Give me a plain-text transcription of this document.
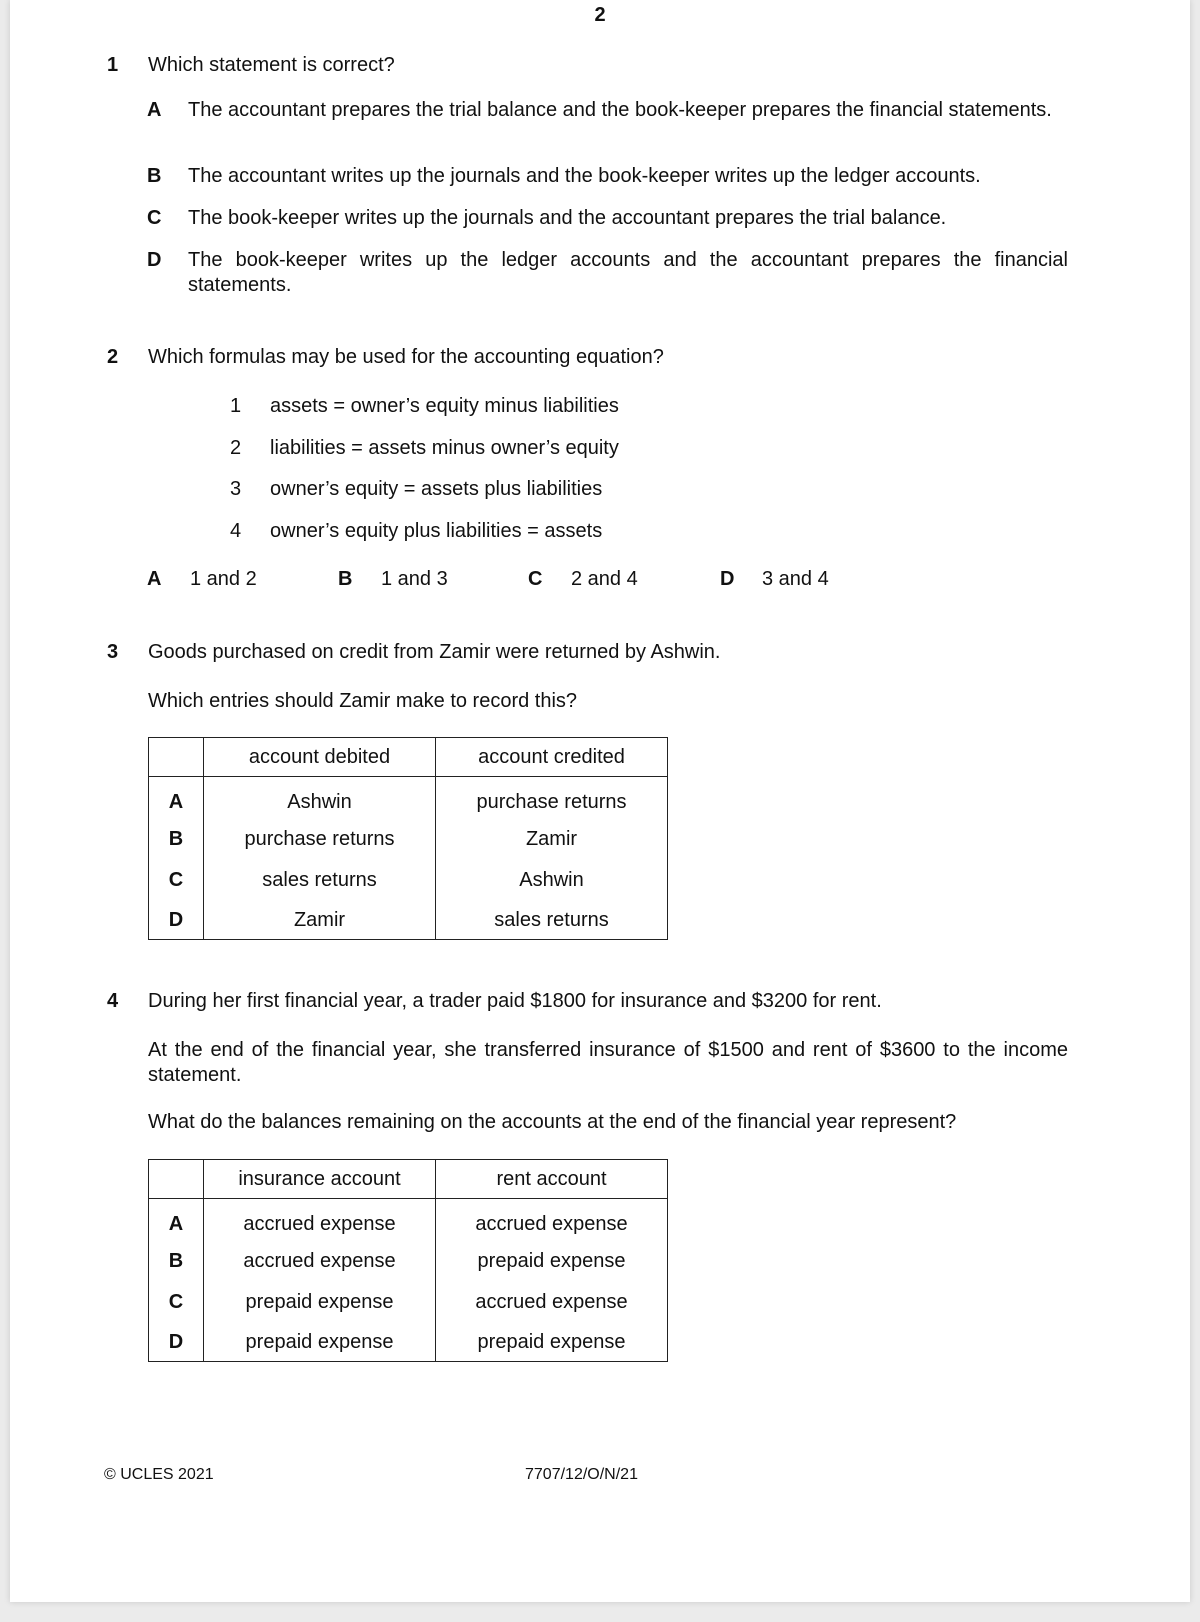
2
1 Which statement is correct?
A The accountant prepares the trial balance and the book-keeper prepares the financial statements.
B The accountant writes up the journals and the book-keeper writes up the ledger accounts.
C The book-keeper writes up the journals and the accountant prepares the trial balance.
D The book-keeper writes up the ledger accounts and the accountant prepares the financial statements.
2 Which formulas may be used for the accounting equation?
1 assets = owner’s equity minus liabilities
2 liabilities = assets minus owner’s equity
3 owner’s equity = assets plus liabilities
4 owner’s equity plus liabilities = assets
A 1 and 2	B 1 and 3	C 2 and 4	D 3 and 4
3 Goods purchased on credit from Zamir were returned by Ashwin.
Which entries should Zamir make to record this?
	account debited	account credited
A	Ashwin	purchase returns
B	purchase returns	Zamir
C	sales returns	Ashwin
D	Zamir	sales returns
4 During her first financial year, a trader paid $1800 for insurance and $3200 for rent.
At the end of the financial year, she transferred insurance of $1500 and rent of $3600 to the income statement.
What do the balances remaining on the accounts at the end of the financial year represent?
	insurance account	rent account
A	accrued expense	accrued expense
B	accrued expense	prepaid expense
C	prepaid expense	accrued expense
D	prepaid expense	prepaid expense
© UCLES 2021	7707/12/O/N/21
